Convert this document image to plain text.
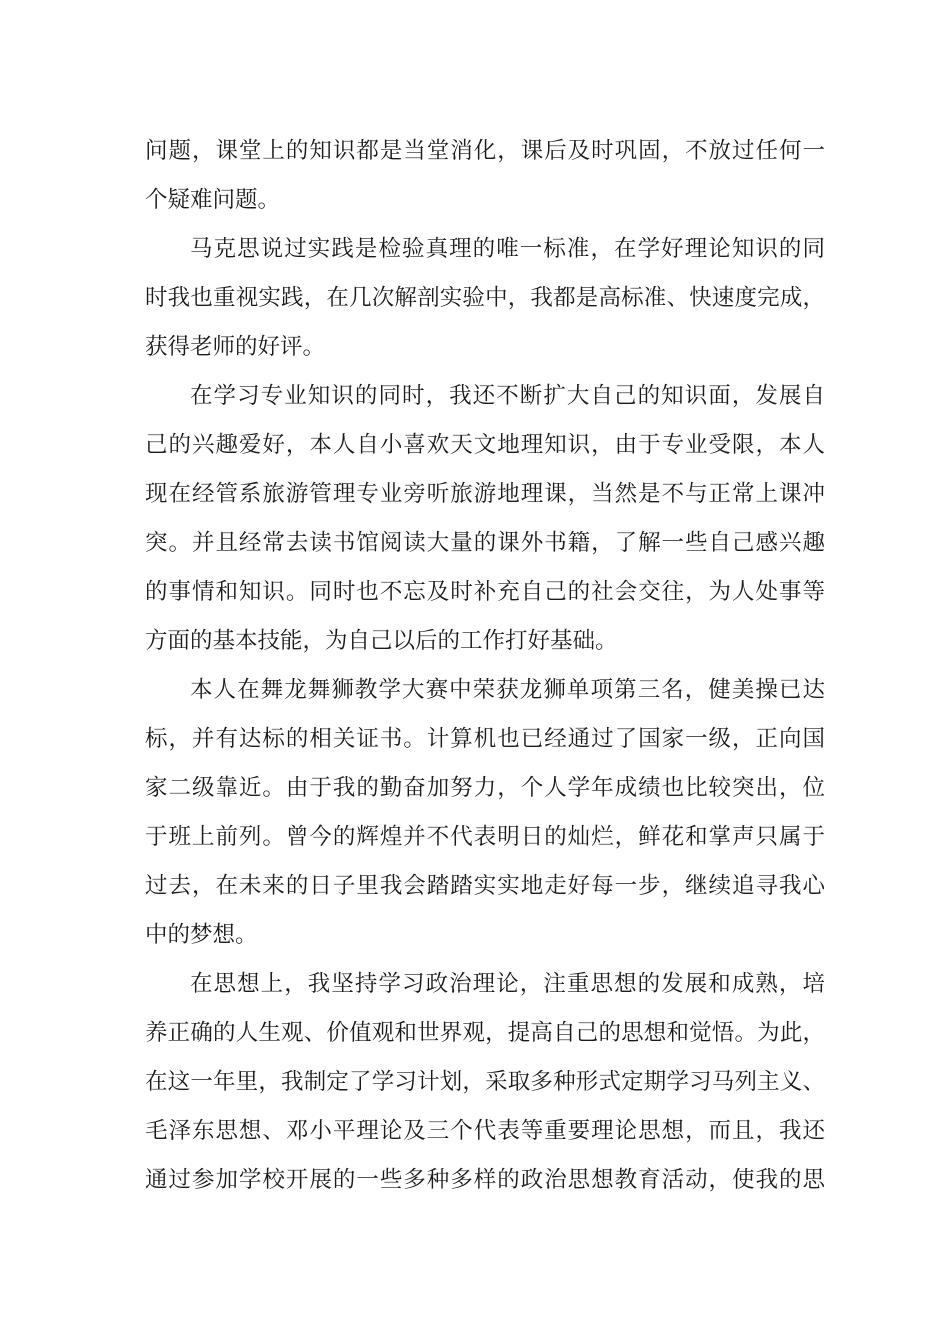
问题，课堂上的知识都是当堂消化，课后及时巩固，不放过任何一
个疑难问题。
马克思说过实践是检验真理的唯一标准，在学好理论知识的同
时我也重视实践，在几次解剖实验中，我都是高标准、快速度完成，
获得老师的好评。
在学习专业知识的同时，我还不断扩大自己的知识面，发展自
己的兴趣爱好，本人自小喜欢天文地理知识，由于专业受限，本人
现在经管系旅游管理专业旁听旅游地理课，当然是不与正常上课冲
突。并且经常去读书馆阅读大量的课外书籍，了解一些自己感兴趣
的事情和知识。同时也不忘及时补充自己的社会交往，为人处事等
方面的基本技能，为自己以后的工作打好基础。
本人在舞龙舞狮教学大赛中荣获龙狮单项第三名，健美操已达
标，并有达标的相关证书。计算机也已经通过了国家一级，正向国
家二级靠近。由于我的勤奋加努力，个人学年成绩也比较突出，位
于班上前列。曾今的辉煌并不代表明日的灿烂，鲜花和掌声只属于
过去，在未来的日子里我会踏踏实实地走好每一步，继续追寻我心
中的梦想。
在思想上，我坚持学习政治理论，注重思想的发展和成熟，培
养正确的人生观、价值观和世界观，提高自己的思想和觉悟。为此，
在这一年里，我制定了学习计划，采取多种形式定期学习马列主义、
毛泽东思想、邓小平理论及三个代表等重要理论思想，而且，我还
通过参加学校开展的一些多种多样的政治思想教育活动，使我的思
